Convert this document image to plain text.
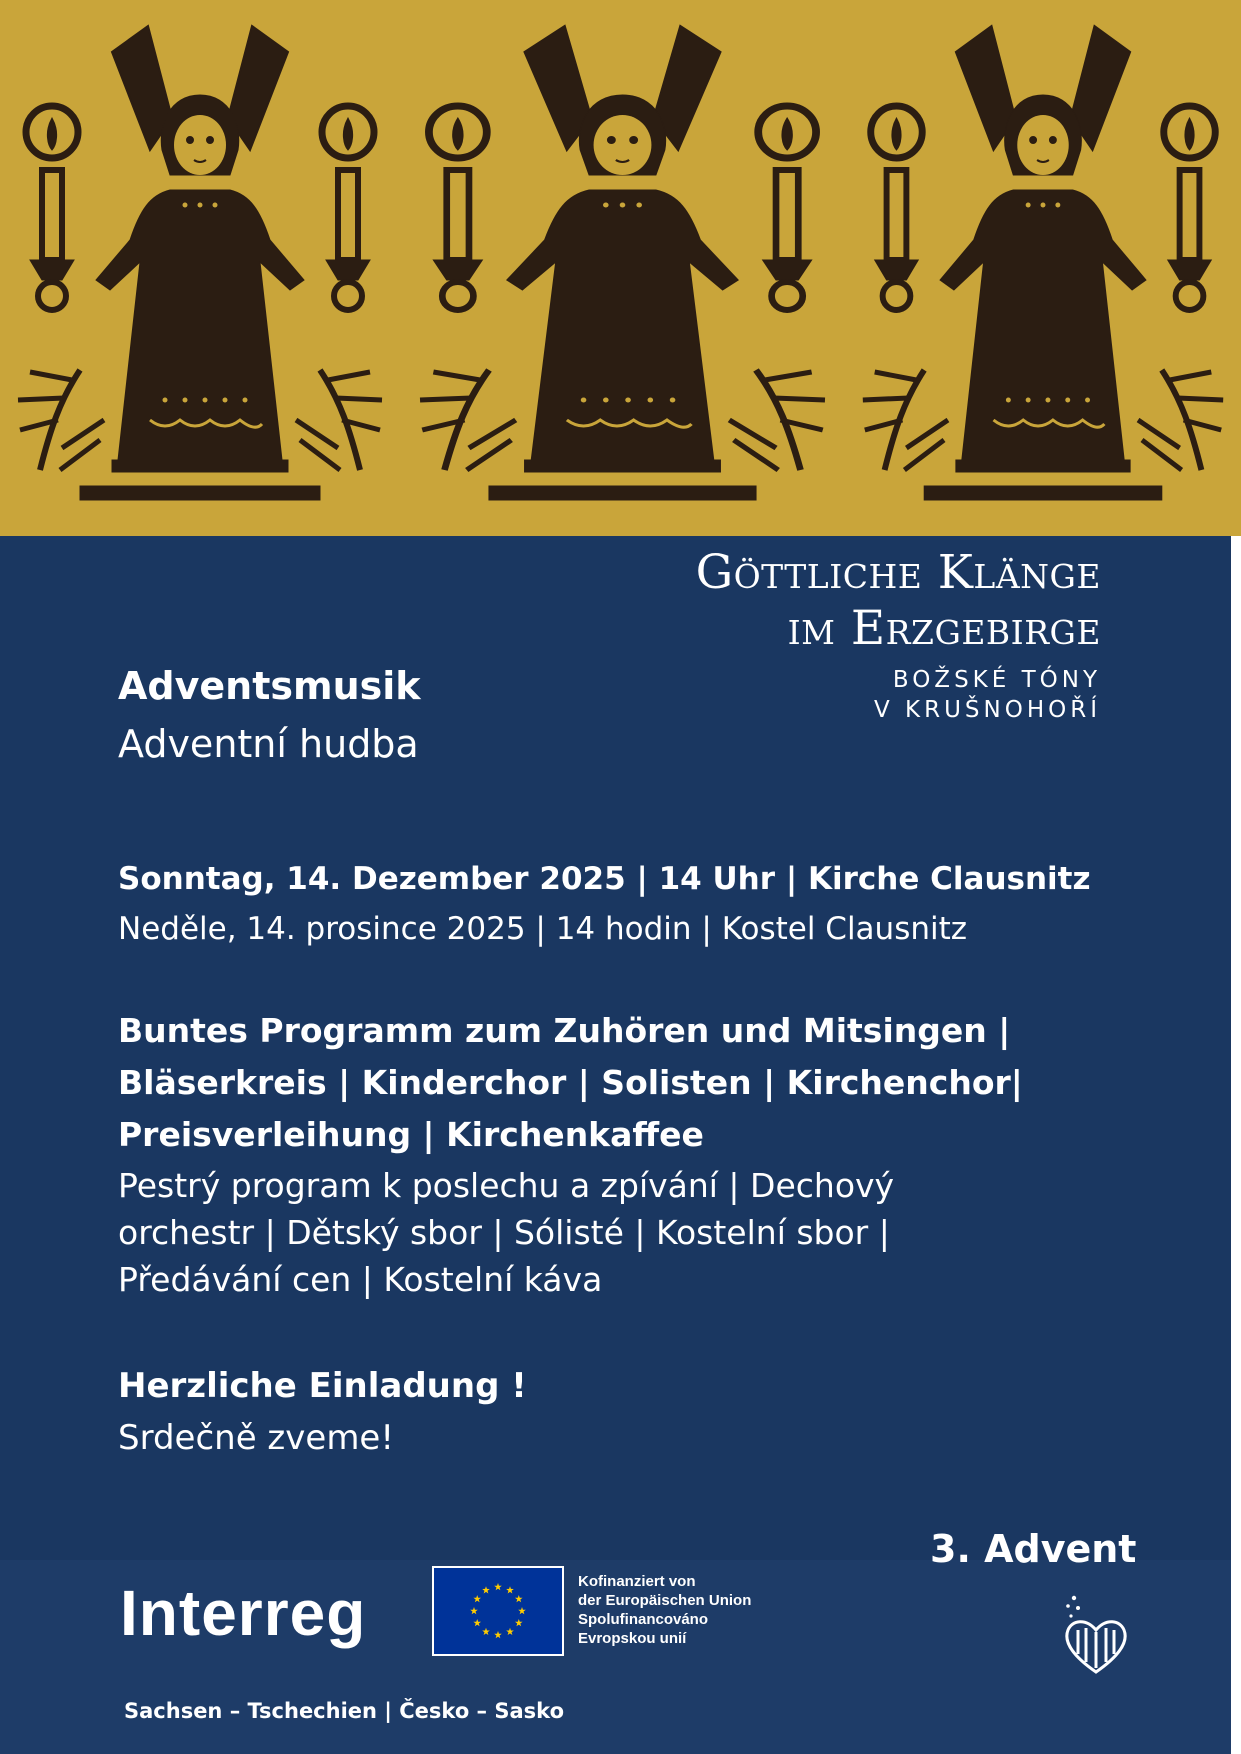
Göttliche Klänge
im Erzgebirge
BOŽSKÉ TÓNY
V KRUŠNOHOŘÍ
Adventsmusik
Adventní hudba
Sonntag, 14. Dezember 2025 | 14 Uhr | Kirche Clausnitz
Neděle, 14. prosince 2025 | 14 hodin | Kostel Clausnitz
Buntes Programm zum Zuhören und Mitsingen | Bläserkreis | Kinderchor | Solisten | Kirchenchor| Preisverleihung | Kirchenkaffee
Pestrý program k poslechu a zpívání | Dechový orchestr | Dětský sbor | Sólisté | Kostelní sbor | Předávání cen | Kostelní káva
Herzliche Einladung !
Srdečně zveme!
3. Advent
Interreg	Kofinanziert von
der Europäischen Union
Spolufinancováno
Evropskou unií
Sachsen – Tschechien | Česko – Sasko
